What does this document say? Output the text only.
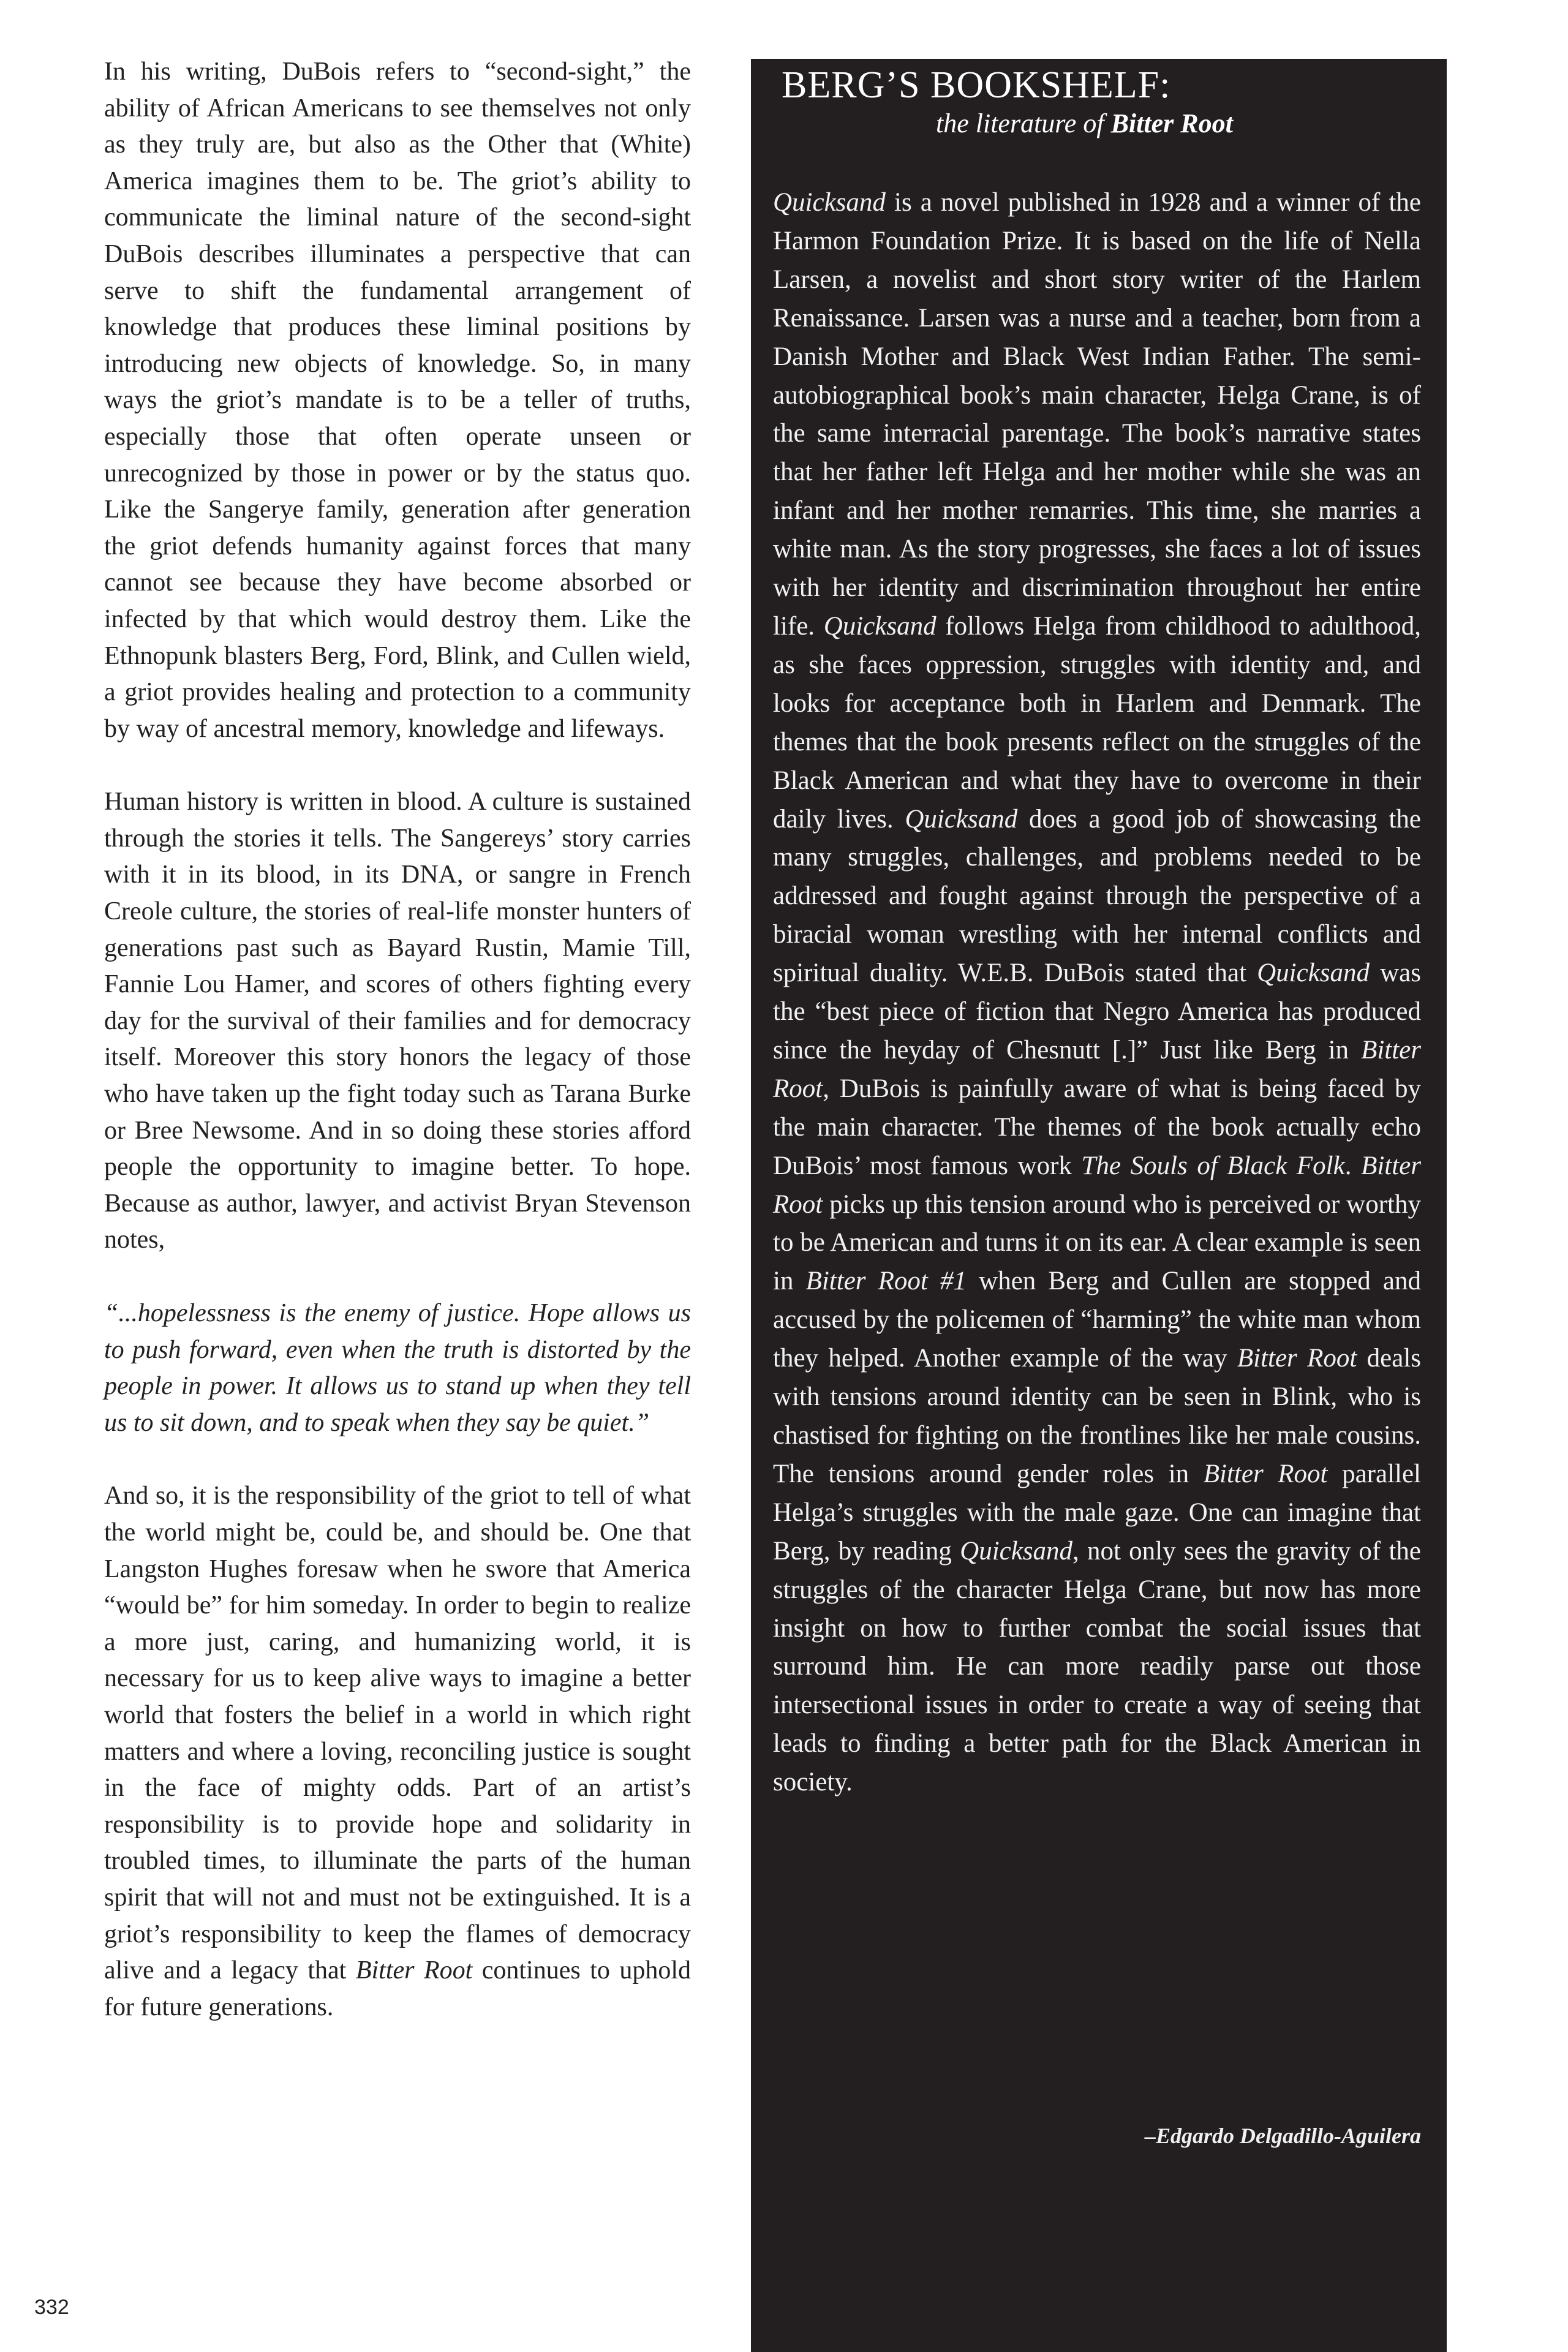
In his writing, DuBois refers to “second-sight,” the ability of African Americans to see themselves not only as they truly are, but also as the Other that (White) America imagines them to be. The griot’s ability to communicate the liminal nature of the second-sight DuBois describes illuminates a perspective that can serve to shift the fundamental arrangement of knowledge that produces these liminal positions by introducing new objects of knowledge. So, in many ways the griot’s mandate is to be a teller of truths, especially those that often operate unseen or unrecognized by those in power or by the status quo. Like the Sangerye family, generation after generation the griot defends humanity against forces that many cannot see because they have become absorbed or infected by that which would destroy them. Like the Ethnopunk blasters Berg, Ford, Blink, and Cullen wield, a griot provides healing and protection to a community by way of ancestral memory, knowledge and lifeways.

Human history is written in blood. A culture is sustained through the stories it tells. The Sangereys’ story carries with it in its blood, in its DNA, or sangre in French Creole culture, the stories of real-life monster hunters of generations past such as Bayard Rustin, Mamie Till, Fannie Lou Hamer, and scores of others fighting every day for the survival of their families and for democracy itself. Moreover this story honors the legacy of those who have taken up the fight today such as Tarana Burke or Bree Newsome. And in so doing these stories afford people the opportunity to imagine better. To hope. Because as author, lawyer, and activist Bryan Stevenson notes,

“...hopelessness is the enemy of justice. Hope allows us to push forward, even when the truth is distorted by the people in power. It allows us to stand up when they tell us to sit down, and to speak when they say be quiet.”

And so, it is the responsibility of the griot to tell of what the world might be, could be, and should be. One that Langston Hughes foresaw when he swore that America “would be” for him someday. In order to begin to realize a more just, caring, and humanizing world, it is necessary for us to keep alive ways to imagine a better world that fosters the belief in a world in which right matters and where a loving, reconciling justice is sought in the face of mighty odds. Part of an artist’s responsibility is to provide hope and solidarity in troubled times, to illuminate the parts of the human spirit that will not and must not be extinguished. It is a griot’s responsibility to keep the flames of democracy alive and a legacy that Bitter Root continues to uphold for future generations.

332
BERG’S BOOKSHELF:
the literature of Bitter Root
Quicksand is a novel published in 1928 and a winner of the Harmon Foundation Prize. It is based on the life of Nella Larsen, a novelist and short story writer of the Harlem Renaissance. Larsen was a nurse and a teacher, born from a Danish Mother and Black West Indian Father. The semi-autobiographical book’s main character, Helga Crane, is of the same interracial parentage. The book’s narrative states that her father left Helga and her mother while she was an infant and her mother remarries. This time, she marries a white man. As the story progresses, she faces a lot of issues with her identity and discrimination throughout her entire life. Quicksand follows Helga from childhood to adulthood, as she faces oppression, struggles with identity and, and looks for acceptance both in Harlem and Denmark. The themes that the book presents reflect on the struggles of the Black American and what they have to overcome in their daily lives. Quicksand does a good job of showcasing the many struggles, challenges, and problems needed to be addressed and fought against through the perspective of a biracial woman wrestling with her internal conflicts and spiritual duality. W.E.B. DuBois stated that Quicksand was the “best piece of fiction that Negro America has produced since the heyday of Chesnutt [.]” Just like Berg in Bitter Root, DuBois is painfully aware of what is being faced by the main character. The themes of the book actually echo DuBois’ most famous work The Souls of Black Folk. Bitter Root picks up this tension around who is perceived or worthy to be American and turns it on its ear. A clear example is seen in Bitter Root #1 when Berg and Cullen are stopped and accused by the policemen of “harming” the white man whom they helped. Another example of the way Bitter Root deals with tensions around identity can be seen in Blink, who is chastised for fighting on the frontlines like her male cousins. The tensions around gender roles in Bitter Root parallel Helga’s struggles with the male gaze. One can imagine that Berg, by reading Quicksand, not only sees the gravity of the struggles of the character Helga Crane, but now has more insight on how to further combat the social issues that surround him. He can more readily parse out those intersectional issues in order to create a way of seeing that leads to finding a better path for the Black American in society.
–Edgardo Delgadillo-Aguilera
